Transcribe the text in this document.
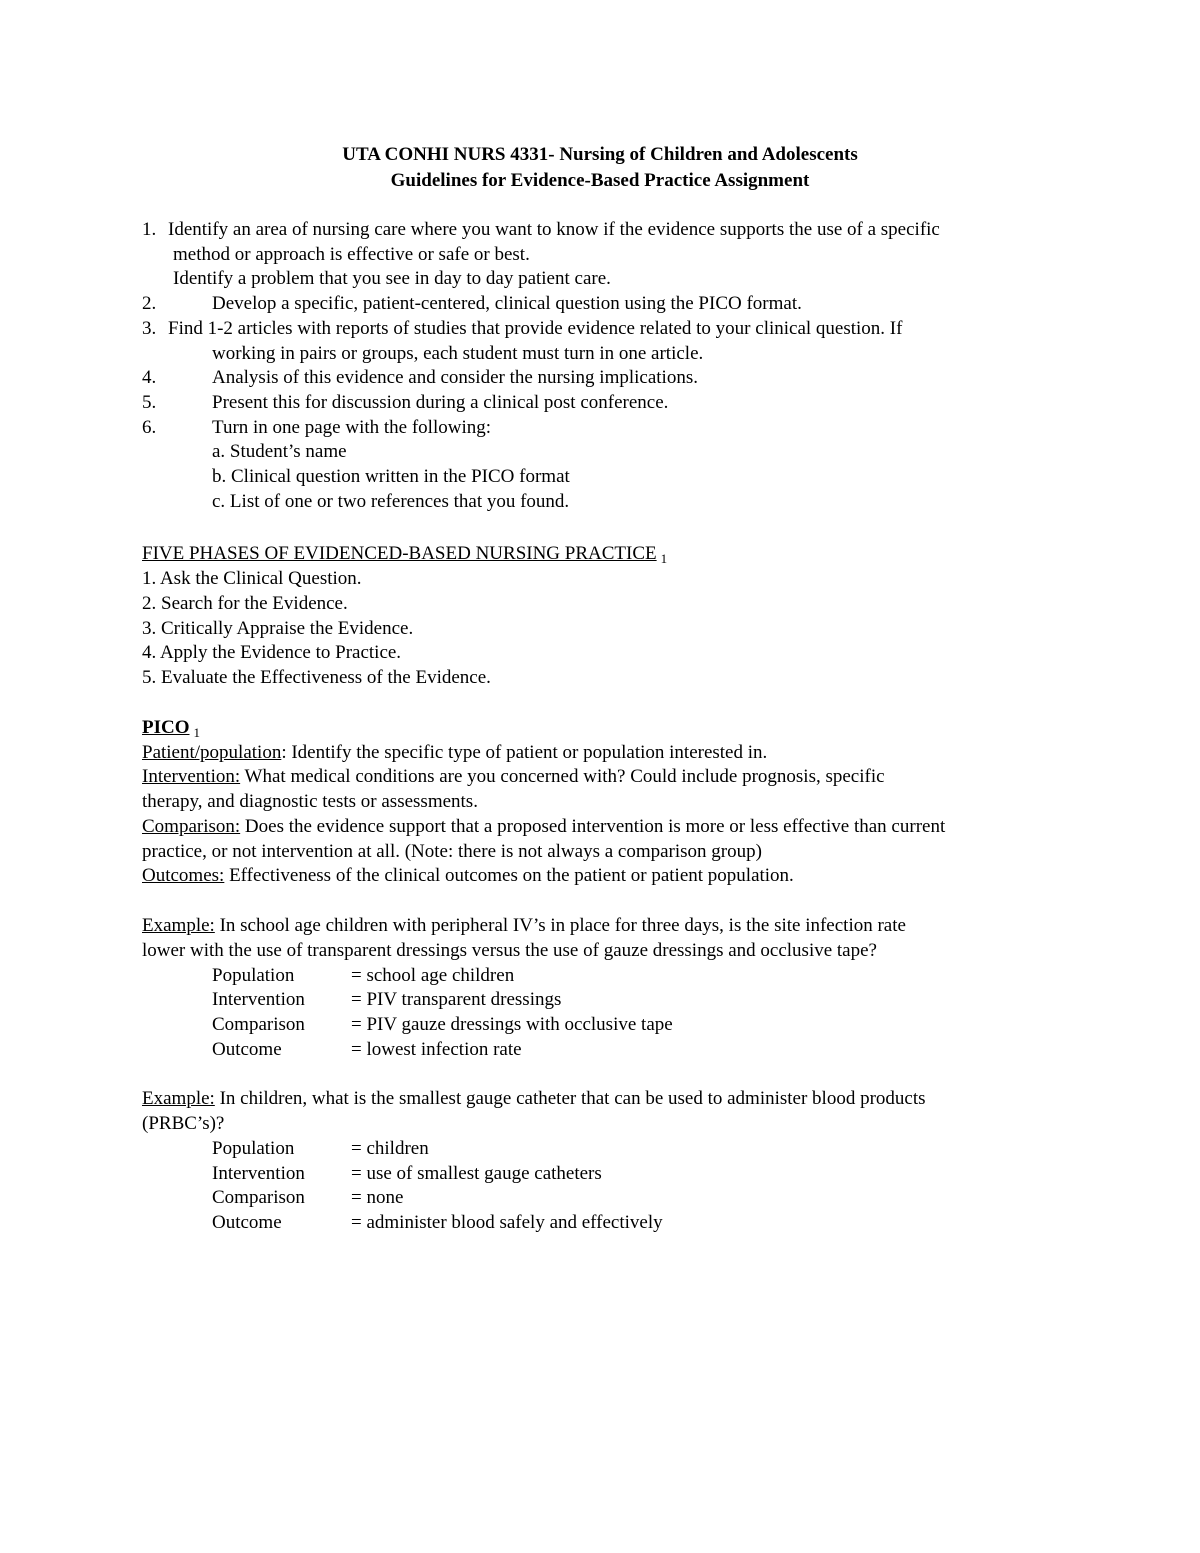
UTA CONHI NURS 4331- Nursing of Children and Adolescents
Guidelines for Evidence-Based Practice Assignment
1. Identify an area of nursing care where you want to know if the evidence supports the use of a specific
method or approach is effective or safe or best.
Identify a problem that you see in day to day patient care.
2.	Develop a specific, patient-centered, clinical question using the PICO format.
3. Find 1-2 articles with reports of studies that provide evidence related to your clinical question. If
working in pairs or groups, each student must turn in one article.
4.	Analysis of this evidence and consider the nursing implications.
5.	Present this for discussion during a clinical post conference.
6.	Turn in one page with the following:
a. Student’s name
b. Clinical question written in the PICO format
c. List of one or two references that you found.
FIVE PHASES OF EVIDENCED-BASED NURSING PRACTICE $_1$
1. Ask the Clinical Question.
2. Search for the Evidence.
3. Critically Appraise the Evidence.
4. Apply the Evidence to Practice.
5. Evaluate the Effectiveness of the Evidence.
PICO $_1$
Patient/population: Identify the specific type of patient or population interested in.
Intervention: What medical conditions are you concerned with? Could include prognosis, specific
therapy, and diagnostic tests or assessments.
Comparison: Does the evidence support that a proposed intervention is more or less effective than current
practice, or not intervention at all. (Note: there is not always a comparison group)
Outcomes: Effectiveness of the clinical outcomes on the patient or patient population.
Example: In school age children with peripheral IV’s in place for three days, is the site infection rate
lower with the use of transparent dressings versus the use of gauze dressings and occlusive tape?
Population	= school age children
Intervention = PIV transparent dressings
Comparison = PIV gauze dressings with occlusive tape
Outcome	= lowest infection rate
Example: In children, what is the smallest gauge catheter that can be used to administer blood products
(PRBC’s)?
Population	= children
Intervention = use of smallest gauge catheters
Comparison = none
Outcome	= administer blood safely and effectively
